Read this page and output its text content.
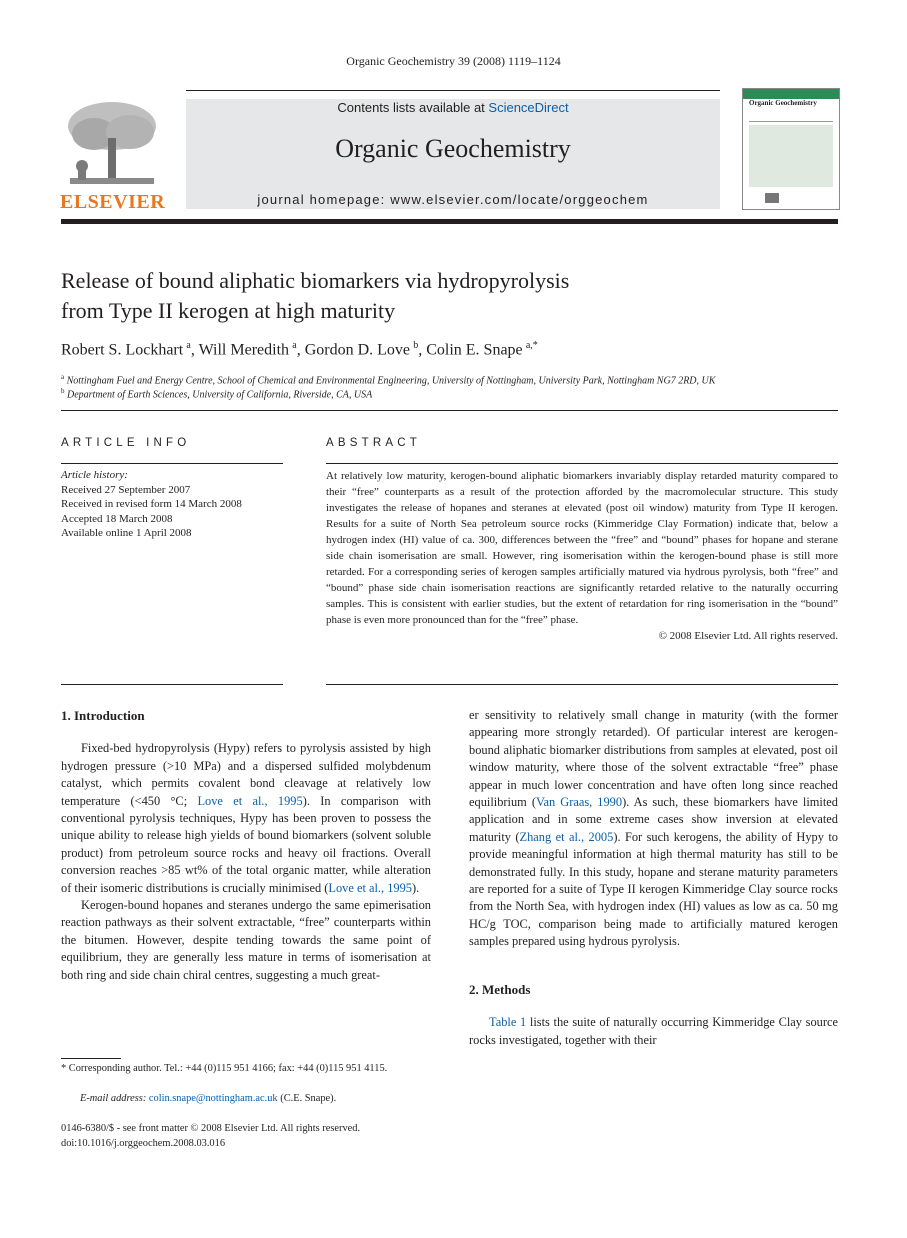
Organic Geochemistry 39 (2008) 1119–1124
ELSEVIER
Contents lists available at ScienceDirect
Organic Geochemistry
journal homepage: www.elsevier.com/locate/orggeochem
Organic Geochemistry
Release of bound aliphatic biomarkers via hydropyrolysis
from Type II kerogen at high maturity
Robert S. Lockhart  $^a$, Will Meredith  $^a$, Gordon D. Love  $^b$, Colin E. Snape  $^{a,*}$
$^a$ Nottingham Fuel and Energy Centre, School of Chemical and Environmental Engineering, University of Nottingham, University Park, Nottingham NG7 2RD, UK
$^b$ Department of Earth Sciences, University of California, Riverside, CA, USA
ARTICLE INFO
Article history:
Received 27 September 2007
Received in revised form 14 March 2008
Accepted 18 March 2008
Available online 1 April 2008
ABSTRACT
At relatively low maturity, kerogen-bound aliphatic biomarkers invariably display retarded maturity compared to their “free” counterparts as a result of the protection afforded by the macromolecular structure. This study investigates the release of hopanes and steranes at elevated (post oil window) maturity from Type II kerogen. Results for a suite of North Sea petroleum source rocks (Kimmeridge Clay Formation) indicate that, below a hydrogen index (HI) value of ca. 300, differences between the “free” and “bound” phases for hopane and sterane side chain isomerisation are small. However, ring isomerisation within the kerogen-bound phase is still more retarded. For a corresponding series of kerogen samples artificially matured via hydrous pyrolysis, both “free” and “bound” phase side chain isomerisation reactions are significantly retarded relative to the naturally occurring samples. This is consistent with earlier studies, but the extent of retardation for ring isomerisation in the “bound” phase is even more pronounced than for the “free” phase.
© 2008 Elsevier Ltd. All rights reserved.

1. Introduction

Fixed-bed hydropyrolysis (Hypy) refers to pyrolysis assisted by high hydrogen pressure (>10 MPa) and a dispersed sulfided molybdenum catalyst, which permits covalent bond cleavage at relatively low temperature (<450 °C; Love et al., 1995). In comparison with conventional pyrolysis techniques, Hypy has been proven to possess the unique ability to release high yields of bound biomarkers (solvent soluble product) from petroleum source rocks and heavy oil fractions. Overall conversion reaches >85 wt% of the total organic matter, while alteration of their isomeric distributions is crucially minimised (Love et al., 1995).

Kerogen-bound hopanes and steranes undergo the same epimerisation reaction pathways as their solvent extractable, “free” counterparts within the bitumen. However, despite tending towards the same point of equilibrium, they are generally less mature in terms of isomerisation at both ring and side chain chiral centres, suggesting a much great-

* Corresponding author. Tel.: +44 (0)115 951 4166; fax: +44 (0)115 951 4115.
E-mail address: colin.snape@nottingham.ac.uk (C.E. Snape).
0146-6380/$ - see front matter © 2008 Elsevier Ltd. All rights reserved.
doi:10.1016/j.orggeochem.2008.03.016

er sensitivity to relatively small change in maturity (with the former appearing more strongly retarded). Of particular interest are kerogen-bound aliphatic biomarker distributions from samples at elevated, post oil window maturity, where those of the solvent extractable “free” phase appear in much lower concentration and have often long since reached equilibrium (Van Graas, 1990). As such, these biomarkers have limited application and in some extreme cases show inversion at elevated maturity (Zhang et al., 2005). For such kerogens, the ability of Hypy to provide meaningful information at high thermal maturity has still to be demonstrated fully. In this study, hopane and sterane maturity parameters are reported for a suite of Type II kerogen Kimmeridge Clay source rocks from the North Sea, with hydrogen index (HI) values as low as ca. 50 mg HC/g TOC, comparison being made to artificially matured kerogen samples prepared using hydrous pyrolysis.

2. Methods

Table 1 lists the suite of naturally occurring Kimmeridge Clay source rocks investigated, together with their
